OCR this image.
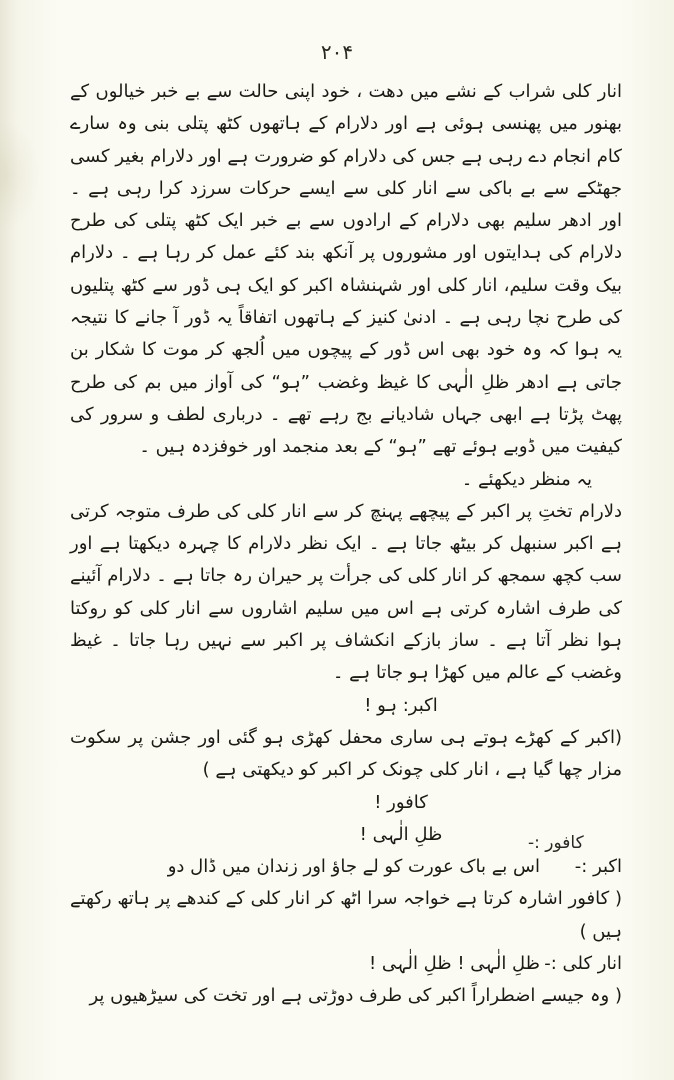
۲۰۴

انار کلی شراب کے نشے میں دھت ، خود اپنی حالت سے بے خبر خیالوں کے بھنور میں پھنسی ہوئی ہے اور دلارام کے ہاتھوں کٹھ پتلی بنی وہ سارے کام انجام دے رہی ہے جس کی دلارام کو ضرورت ہے اور دلارام بغیر کسی جھٹکے سے بے باکی سے انار کلی سے ایسے حرکات سرزد کرا رہی ہے ۔ اور ادھر سلیم بھی دلارام کے ارادوں سے بے خبر ایک کٹھ پتلی کی طرح دلارام کی ہدایتوں اور مشوروں پر آنکھ بند کئے عمل کر رہا ہے ۔ دلارام بیک وقت سلیم، انار کلی اور شہنشاہ اکبر کو ایک ہی ڈور سے کٹھ پتلیوں کی طرح نچا رہی ہے ۔ ادنیٰ کنیز کے ہاتھوں اتفاقاً یہ ڈور آ جانے کا نتیجہ یہ ہوا کہ وہ خود بھی اس ڈور کے پیچوں میں اُلجھ کر موت کا شکار بن جاتی ہے ادھر ظلِ الٰہی کا غیظ وغضب ”ہو“ کی آواز میں بم کی طرح پھٹ پڑتا ہے ابھی جہاں شادیانے بج رہے تھے ۔ درباری لطف و سرور کی کیفیت میں ڈوبے ہوئے تھے ”ہو“ کے بعد منجمد اور خوفزدہ ہیں ۔

یہ منظر دیکھئے ۔

دلارام تختِ پر اکبر کے پیچھے پہنچ کر سے انار کلی کی طرف متوجہ کرتی ہے اکبر سنبھل کر بیٹھ جاتا ہے ۔ ایک نظر دلارام کا چہرہ دیکھتا ہے اور سب کچھ سمجھ کر انار کلی کی جرأت پر حیران رہ جاتا ہے ۔ دلارام آئینے کی طرف اشارہ کرتی ہے اس میں سلیم اشاروں سے انار کلی کو روکتا ہوا نظر آتا ہے ۔ ساز بازکے انکشاف پر اکبر سے نہیں رہا جاتا ۔ غیظ وغضب کے عالم میں کھڑا ہو جاتا ہے ۔

اکبر: ہو !

(اکبر کے کھڑے ہوتے ہی ساری محفل کھڑی ہو گئی اور جشن پر سکوت مزار چھا گیا ہے ، انار کلی چونک کر اکبر کو دیکھتی ہے )

کافور !

ظلِ الٰہی !

اکبر :-
اس بے باک عورت کو لے جاؤ اور زندان میں ڈال دو
( کافور اشارہ کرتا ہے خواجہ سرا اٹھ کر انار کلی کے کندھے پر ہاتھ رکھتے ہیں )
انار کلی :-
ظلِ الٰہی ! ظلِ الٰہی !
( وہ جیسے اضطراراً اکبر کی طرف دوڑتی ہے اور تخت کی سیڑھیوں پر
کافور :-
